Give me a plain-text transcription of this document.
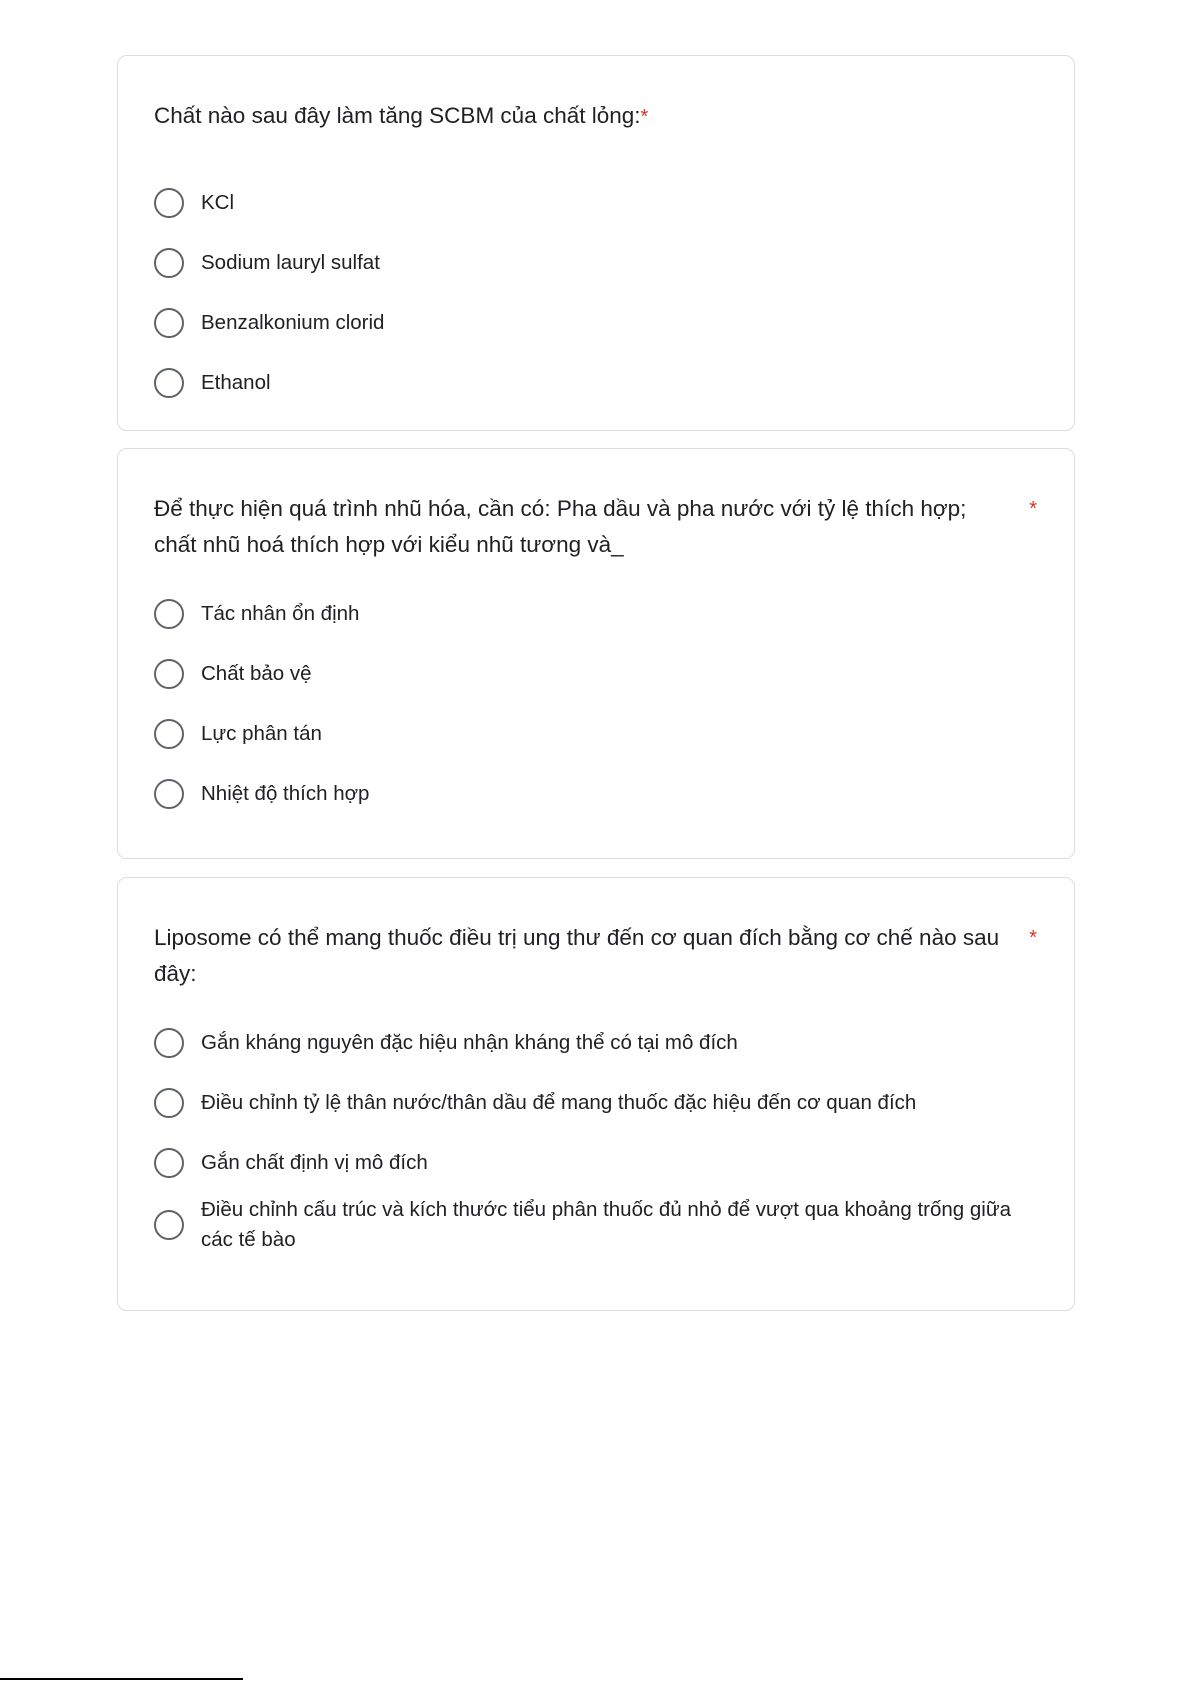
Chất nào sau đây làm tăng SCBM của chất lỏng:*
KCl
Sodium lauryl sulfat
Benzalkonium clorid
Ethanol
Để thực hiện quá trình nhũ hóa, cần có: Pha dầu và pha nước với tỷ lệ thích hợp; chất nhũ hoá thích hợp với kiểu nhũ tương và_
*
Tác nhân ổn định
Chất bảo vệ
Lực phân tán
Nhiệt độ thích hợp
Liposome có thể mang thuốc điều trị ung thư đến cơ quan đích bằng cơ chế nào sau đây:
*
Gắn kháng nguyên đặc hiệu nhận kháng thể có tại mô đích
Điều chỉnh tỷ lệ thân nước/thân dầu để mang thuốc đặc hiệu đến cơ quan đích
Gắn chất định vị mô đích
Điều chỉnh cấu trúc và kích thước tiểu phân thuốc đủ nhỏ để vượt qua khoảng trống giữa các tế bào
